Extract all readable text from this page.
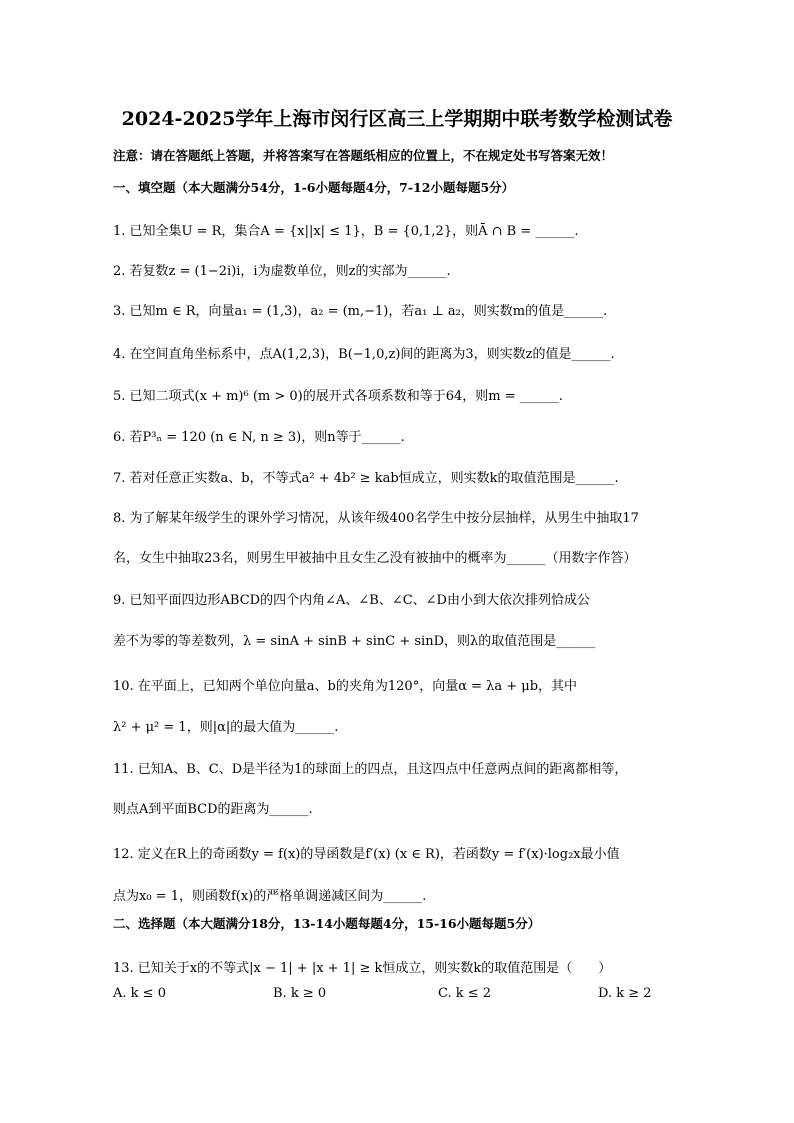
2024-2025学年上海市闵行区高三上学期期中联考数学检测试卷
注意：请在答题纸上答题，并将答案写在答题纸相应的位置上，不在规定处书写答案无效！
一、填空题（本大题满分54分，1-6小题每题4分，7-12小题每题5分）
1. 已知全集U = R，集合A = {x||x| ≤ 1}，B = {0,1,2}，则Ā ∩ B = ______.
2. 若复数z = (1−2i)i，i为虚数单位，则z的实部为______.
3. 已知m ∈ R，向量a₁ = (1,3)，a₂ = (m,−1)，若a₁ ⊥ a₂，则实数m的值是______.
4. 在空间直角坐标系中，点A(1,2,3)，B(−1,0,z)间的距离为3，则实数z的值是______.
5. 已知二项式(x + m)⁶ (m > 0)的展开式各项系数和等于64，则m = ______.
6. 若P³ₙ = 120 (n ∈ N, n ≥ 3)，则n等于______.
7. 若对任意正实数a、b，不等式a² + 4b² ≥ kab恒成立，则实数k的取值范围是______.
8. 为了解某年级学生的课外学习情况，从该年级400名学生中按分层抽样，从男生中抽取17
名，女生中抽取23名，则男生甲被抽中且女生乙没有被抽中的概率为______（用数字作答）
9. 已知平面四边形ABCD的四个内角∠A、∠B、∠C、∠D由小到大依次排列恰成公
差不为零的等差数列，λ = sinA + sinB + sinC + sinD，则λ的取值范围是______
10. 在平面上，已知两个单位向量a、b的夹角为120°，向量α = λa + μb，其中
λ² + μ² = 1，则|α|的最大值为______.
11. 已知A、B、C、D是半径为1的球面上的四点，且这四点中任意两点间的距离都相等，
则点A到平面BCD的距离为______.
12. 定义在R上的奇函数y = f(x)的导函数是f′(x) (x ∈ R)，若函数y = f′(x)·log₂x最小值
点为x₀ = 1，则函数f(x)的严格单调递减区间为______.
二、选择题（本大题满分18分，13-14小题每题4分，15-16小题每题5分）
13. 已知关于x的不等式|x − 1| + |x + 1| ≥ k恒成立，则实数k的取值范围是（　　）
A. k ≤ 0	B. k ≥ 0	C. k ≤ 2	D. k ≥ 2
